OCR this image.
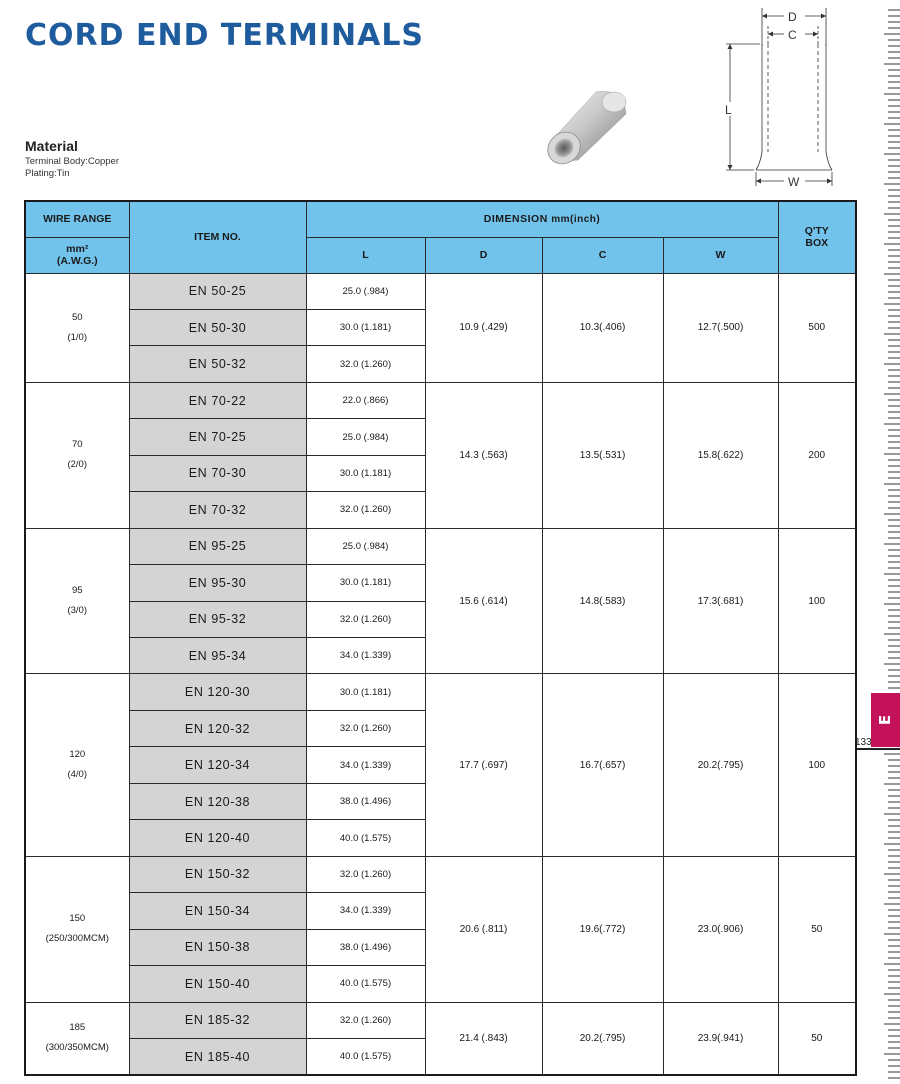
CORD END TERMINALS
Material
Terminal Body:Copper
Plating:Tin
D
C
L
W
E
133
WIRE RANGE	ITEM NO.	DIMENSION mm(inch)				Q'TY
BOX

mm²
(A.W.G.)		L	D	C	W	

50
(1/0)	EN 50-25	25.0 (.984)	10.9 (.429)	10.3(.406)	12.7(.500)	500
	EN 50-30	30.0 (1.181)				
	EN 50-32	32.0 (1.260)				

70
(2/0)	EN 70-22	22.0 (.866)	14.3 (.563)	13.5(.531)	15.8(.622)	200
	EN 70-25	25.0 (.984)				
	EN 70-30	30.0 (1.181)				
	EN 70-32	32.0 (1.260)				

95
(3/0)	EN 95-25	25.0 (.984)	15.6 (.614)	14.8(.583)	17.3(.681)	100
	EN 95-30	30.0 (1.181)				
	EN 95-32	32.0 (1.260)				
	EN 95-34	34.0 (1.339)				

120
(4/0)	EN 120-30	30.0 (1.181)	17.7 (.697)	16.7(.657)	20.2(.795)	100
	EN 120-32	32.0 (1.260)				
	EN 120-34	34.0 (1.339)				
	EN 120-38	38.0 (1.496)				
	EN 120-40	40.0 (1.575)				

150
(250/300MCM)	EN 150-32	32.0 (1.260)	20.6 (.811)	19.6(.772)	23.0(.906)	50
	EN 150-34	34.0 (1.339)				
	EN 150-38	38.0 (1.496)				
	EN 150-40	40.0 (1.575)				

185
(300/350MCM)	EN 185-32	32.0 (1.260)	21.4 (.843)	20.2(.795)	23.9(.941)	50
	EN 185-40	40.0 (1.575)				
